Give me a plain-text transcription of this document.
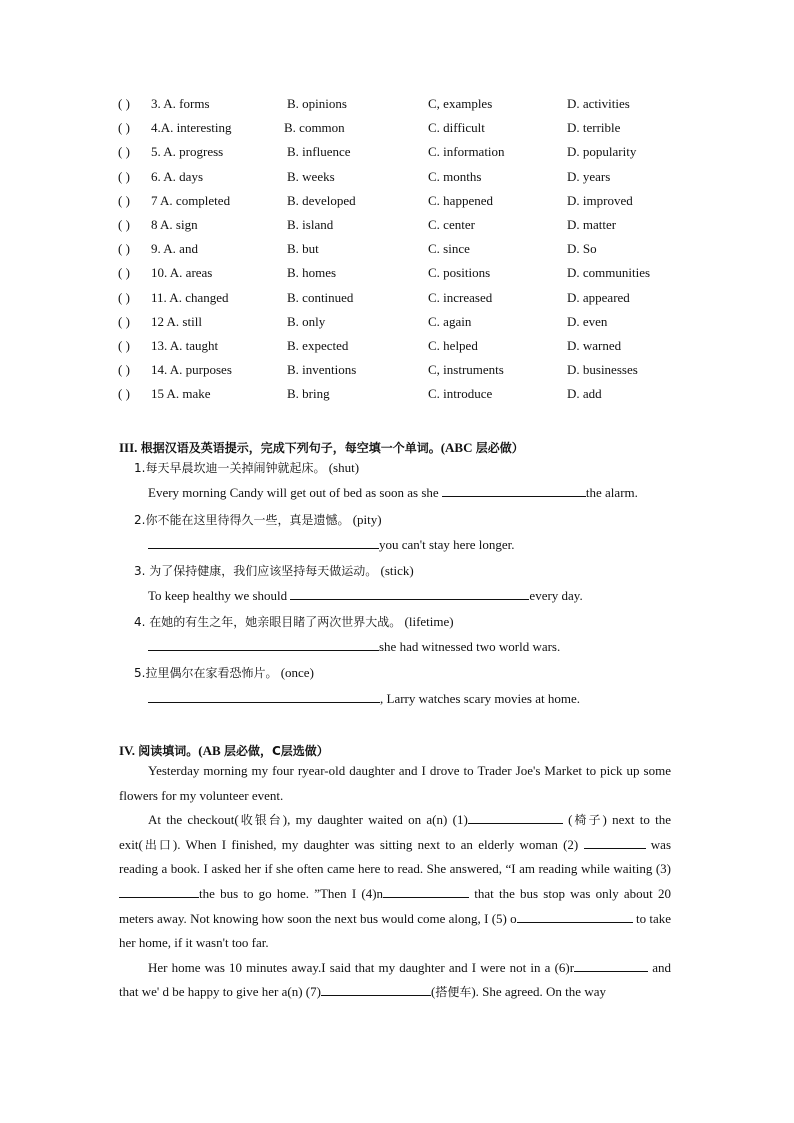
( ) 3. A. forms	B. opinions	C, examples	D. activities
( ) 4.A. interesting	B. common	C. difficult	D. terrible
( ) 5. A. progress	B. influence	C. information	D. popularity
( ) 6. A. days	B. weeks	C. months	D. years
( ) 7 A. completed	B. developed	C. happened	D. improved
( ) 8 A. sign	B. island	C. center	D. matter
( ) 9. A. and	B. but	C. since	D. So
( ) 10. A. areas	B. homes	C. positions	D. communities
( ) 11. A. changed	B. continued	C. increased	D. appeared
( ) 12 A. still	B. only	C. again	D. even
( ) 13. A. taught	B. expected	C. helped	D. warned
( ) 14. A. purposes	B. inventions	C, instruments	D. businesses
( ) 15 A. make	B. bring	C. introduce	D. add
III. 根据汉语及英语提示，完成下列句子，每空填一个单词。(ABC 层必做）
1.每天早晨坎迪一关掉闹钟就起床。 (shut)
Every morning Candy will get out of bed as soon as she	the alarm.
2.你不能在这里待得久一些，真是遗憾。 (pity)
you can't stay here longer.
3. 为了保持健康，我们应该坚持每天做运动。 (stick)
To keep healthy we should	every day.
4. 在她的有生之年，她亲眼目睹了两次世界大战。 (lifetime)
she had witnessed two world wars.
5.拉里偶尔在家看恐怖片。 (once)
, Larry watches scary movies at home.
IV. 阅读填词。(AB 层必做，C层选做）

Yesterday morning my four ryear-old daughter and I drove to Trader Joe's Market to pick up some flowers for my volunteer event.

At the checkout(收银台), my daughter waited on a(n) (1)	(椅子) next to the exit(出口). When I finished, my daughter was sitting next to an elderly woman (2)	was reading a book. I asked her if she often came here to read. She answered, “I am reading while waiting (3) the bus to go home. ”Then I (4)n	that the bus stop was only about 20 meters away. Not knowing how soon the next bus would come along, I (5) o	to take her home, if it wasn't too far.

Her home was 10 minutes away.I said that my daughter and I were not in a (6)r	and that we' d be happy to give her a(n) (7)	(搭便车). She agreed. On the way
